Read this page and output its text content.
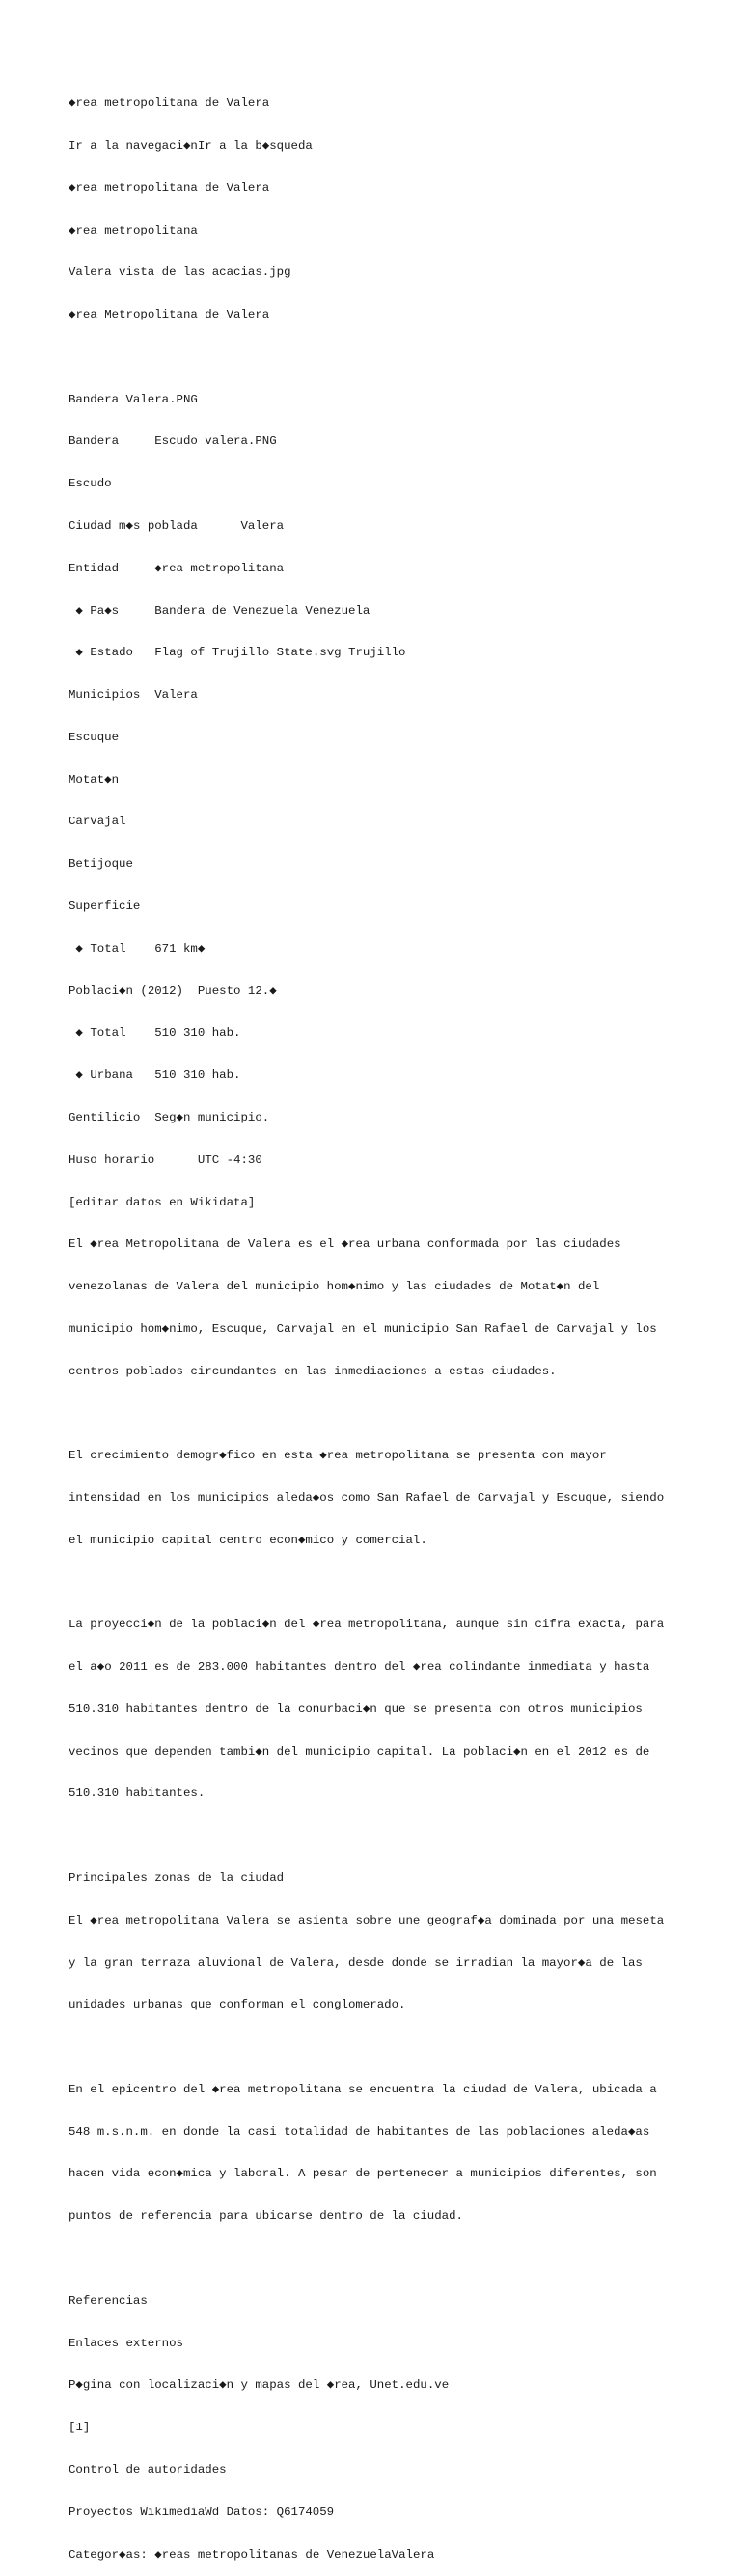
◆rea metropolitana de Valera

Ir a la navegaci◆nIr a la b◆squeda

◆rea metropolitana de Valera

◆rea metropolitana

Valera vista de las acacias.jpg

◆rea Metropolitana de Valera

Bandera Valera.PNG

Bandera     Escudo valera.PNG

Escudo

Ciudad m◆s poblada      Valera

Entidad     ◆rea metropolitana

◆ Pa◆s     Bandera de Venezuela Venezuela

◆ Estado   Flag of Trujillo State.svg Trujillo

Municipios  Valera

Escuque

Motat◆n

Carvajal

Betijoque

Superficie

◆ Total    671 km◆

Poblaci◆n (2012)  Puesto 12.◆

◆ Total    510 310 hab.

◆ Urbana   510 310 hab.

Gentilicio  Seg◆n municipio.

Huso horario      UTC -4:30

[editar datos en Wikidata]

El ◆rea Metropolitana de Valera es el ◆rea urbana conformada por las ciudades

venezolanas de Valera del municipio hom◆nimo y las ciudades de Motat◆n del

municipio hom◆nimo, Escuque, Carvajal en el municipio San Rafael de Carvajal y los

centros poblados circundantes en las inmediaciones a estas ciudades.

El crecimiento demogr◆fico en esta ◆rea metropolitana se presenta con mayor

intensidad en los municipios aleda◆os como San Rafael de Carvajal y Escuque, siendo

el municipio capital centro econ◆mico y comercial.

La proyecci◆n de la poblaci◆n del ◆rea metropolitana, aunque sin cifra exacta, para

el a◆o 2011 es de 283.000 habitantes dentro del ◆rea colindante inmediata y hasta

510.310 habitantes dentro de la conurbaci◆n que se presenta con otros municipios

vecinos que dependen tambi◆n del municipio capital. La poblaci◆n en el 2012 es de

510.310 habitantes.

Principales zonas de la ciudad

El ◆rea metropolitana Valera se asienta sobre une geograf◆a dominada por una meseta

y la gran terraza aluvional de Valera, desde donde se irradian la mayor◆a de las

unidades urbanas que conforman el conglomerado.

En el epicentro del ◆rea metropolitana se encuentra la ciudad de Valera, ubicada a

548 m.s.n.m. en donde la casi totalidad de habitantes de las poblaciones aleda◆as

hacen vida econ◆mica y laboral. A pesar de pertenecer a municipios diferentes, son

puntos de referencia para ubicarse dentro de la ciudad.

Referencias

Enlaces externos

P◆gina con localizaci◆n y mapas del ◆rea, Unet.edu.ve

[1]

Control de autoridades

Proyectos WikimediaWd Datos: Q6174059

Categor◆as: ◆reas metropolitanas de VenezuelaValera
